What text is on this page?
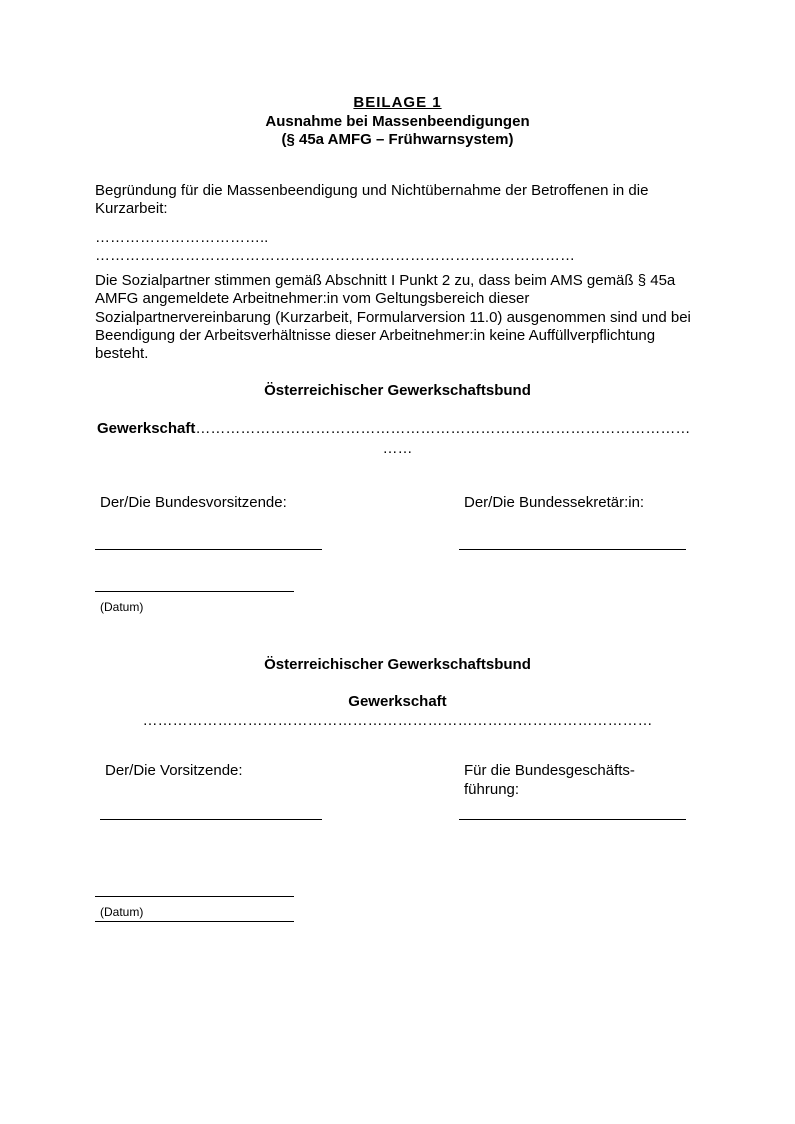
BEILAGE 1
Ausnahme bei Massenbeendigungen
(§ 45a AMFG – Frühwarnsystem)
Begründung für die Massenbeendigung und Nichtübernahme der Betroffenen in die Kurzarbeit:
……………………………..
……………………………………………………………………………………
Die Sozialpartner stimmen gemäß Abschnitt I Punkt 2 zu, dass beim AMS gemäß § 45a AMFG angemeldete Arbeitnehmer:in vom Geltungsbereich dieser Sozialpartnervereinbarung (Kurzarbeit, Formularversion 11.0) ausgenommen sind und bei Beendigung der Arbeitsverhältnisse dieser Arbeitnehmer:in keine Auffüllverpflichtung besteht.
Österreichischer Gewerkschaftsbund
Gewerkschaft………………………………………………………………………………………
……
Der/Die Bundesvorsitzende:	Der/Die Bundessekretär:in:
(Datum)
Österreichischer Gewerkschaftsbund
Gewerkschaft
…………………………………………………………………………………………
Der/Die Vorsitzende:	Für die Bundesgeschäfts-führung:
(Datum)
